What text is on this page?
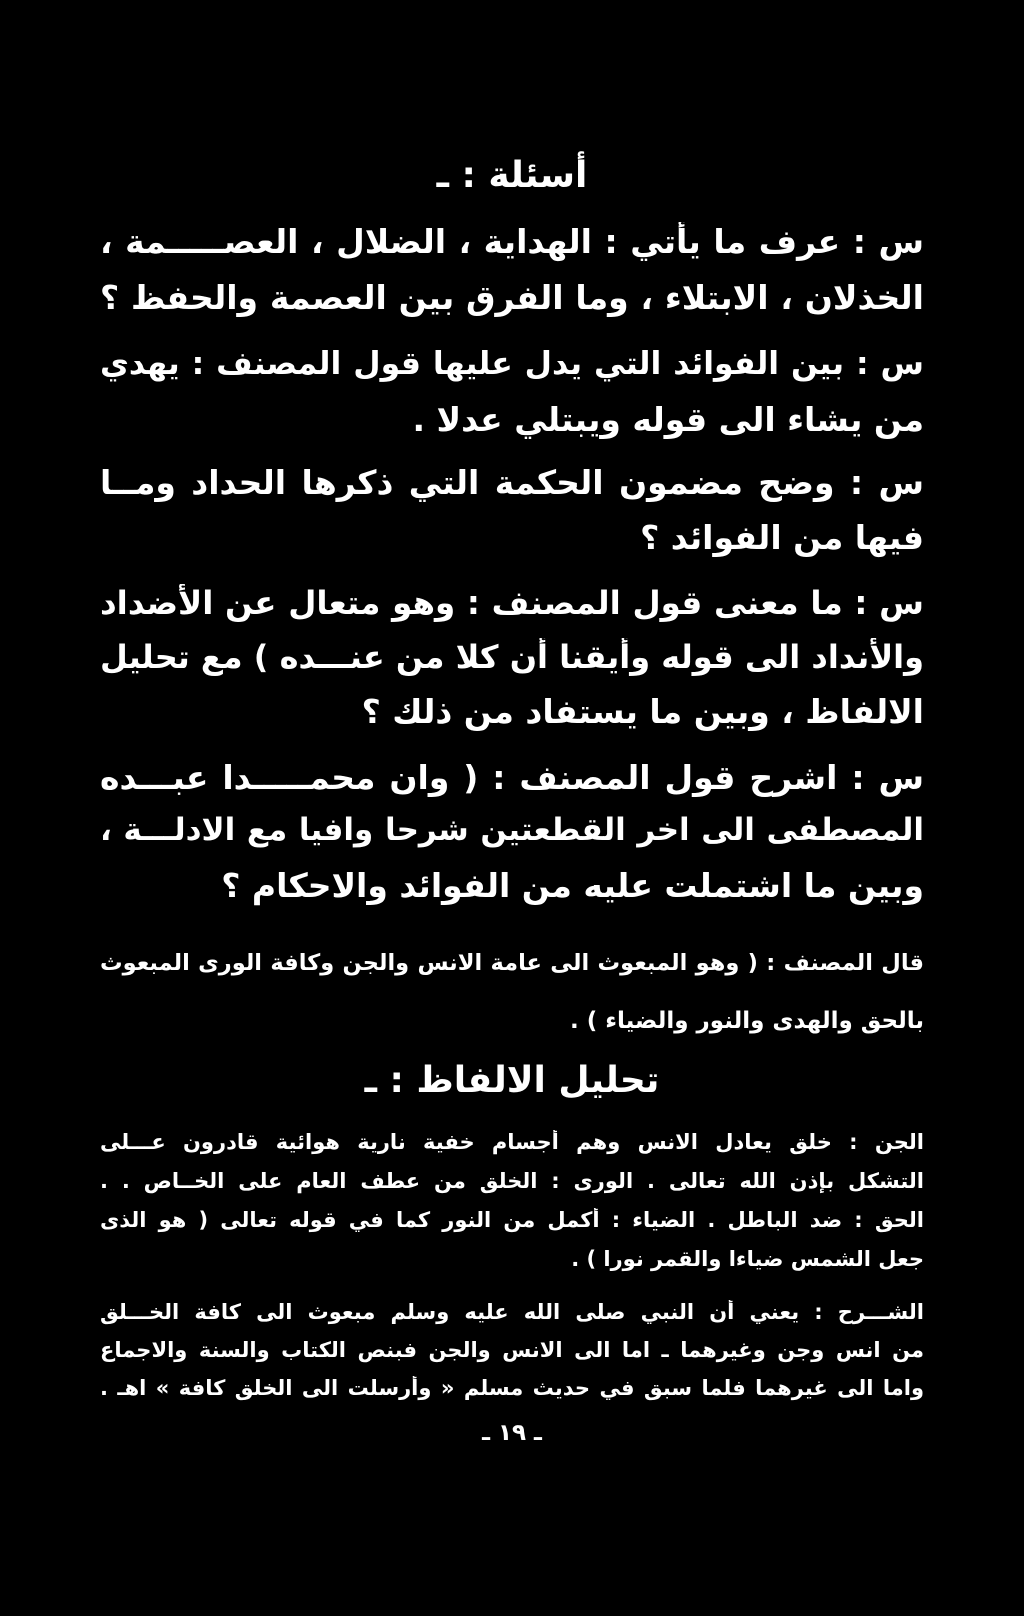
أسئلة : ـ
س : عرف ما يأتي : الهداية ، الضلال ، العصـــــمة ،
الخذلان ، الابتلاء ، وما الفرق بين العصمة والحفظ ؟
س : بين الفوائد التي يدل عليها قول المصنف : يهدي
من يشاء الى قوله ويبتلي عدلا .
س : وضح مضمون الحكمة التي ذكرها الحداد ومــا
فيها من الفوائد ؟
س : ما معنى قول المصنف : وهو متعال عن الأضداد
والأنداد الى قوله وأيقنا أن كلا من عنـــده ) مع تحليل
الالفاظ ، وبين ما يستفاد من ذلك ؟
س : اشرح قول المصنف : ( وان محمـــــدا عبـــده
المصطفى الى اخر القطعتين شرحا وافيا مع الادلـــة ،
وبين ما اشتملت عليه من الفوائد والاحكام ؟
قال المصنف : ( وهو المبعوث الى عامة الانس والجن وكافة الورى المبعوث
بالحق والهدى والنور والضياء ) .
تحليل الالفاظ : ـ
الجن : خلق يعادل الانس وهم أجسام خفية نارية هوائية قادرون عـــلى
التشكل بإذن الله تعالى . الورى : الخلق من عطف العام على الخــاص . .
الحق : ضد الباطل . الضياء : أكمل من النور كما في قوله تعالى ( هو الذى
جعل الشمس ضياءا والقمر نورا ) .
الشـــرح : يعني أن النبي صلى الله عليه وسلم مبعوث الى كافة الخـــلق
من انس وجن وغيرهما ـ اما الى الانس والجن فبنص الكتاب والسنة والاجماع
واما الى غيرهما فلما سبق في حديث مسلم « وأرسلت الى الخلق كافة » اهـ .
ـ ١٩ ـ
